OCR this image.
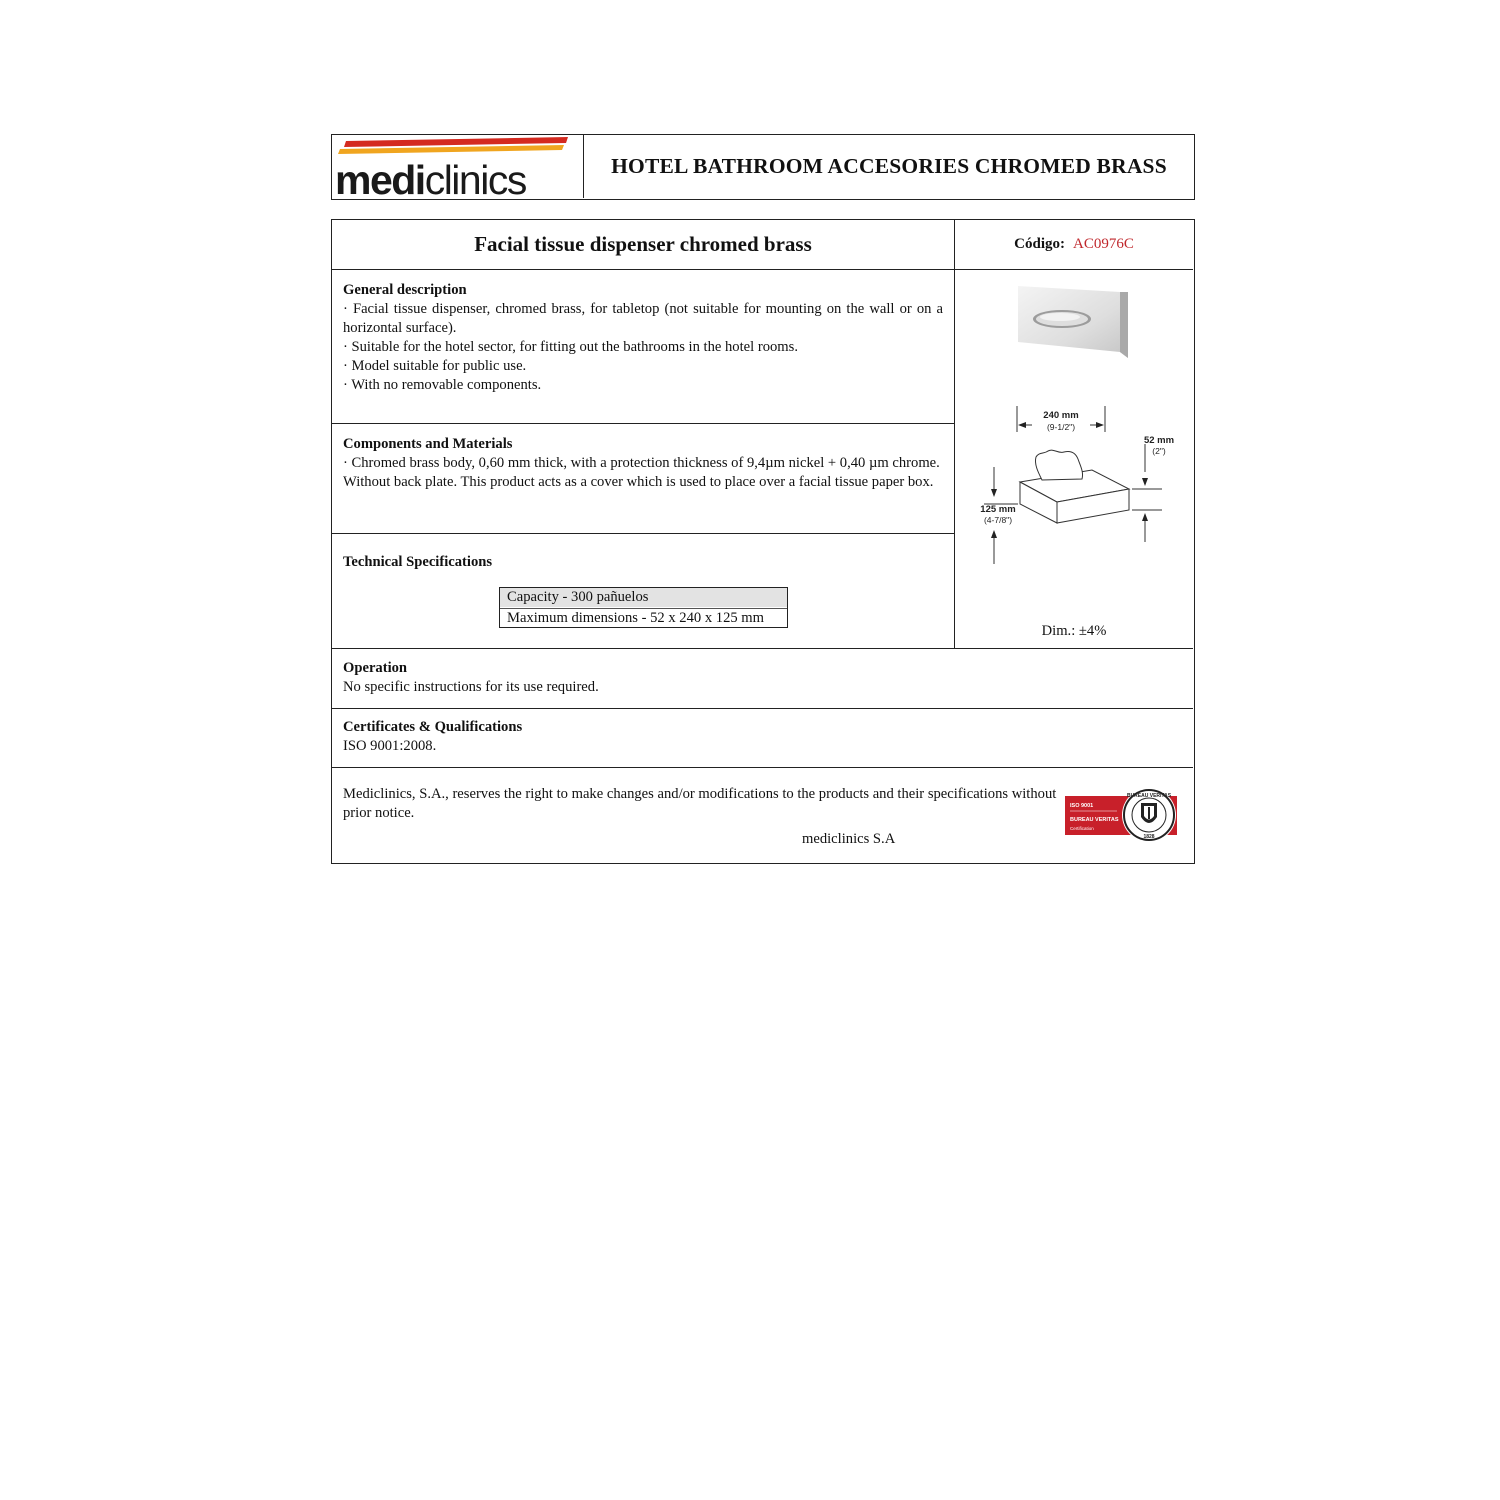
mediclinics	HOTEL BATHROOM ACCESORIES CHROMED BRASS
Facial tissue dispenser chromed brass	Código: AC0976C
General description

· Facial tissue dispenser, chromed brass, for tabletop (not suitable for mounting on the wall or on a horizontal surface).

· Suitable for the hotel sector, for fitting out the bathrooms in the hotel rooms.

· Model suitable for public use.

· With no removable components.

Components and Materials

· Chromed brass body, 0,60 mm thick, with a protection thickness of 9,4µm nickel + 0,40 µm chrome. Without back plate. This product acts as a cover which is used to place over a facial tissue paper box.

Technical Specifications
Capacity - 300 pañuelos
Maximum dimensions - 52 x 240 x 125 mm
240 mm
(9-1/2")
52 mm
(2")
125 mm
(4-7/8")
Dim.: ±4%
Operation

No specific instructions for its use required.

Certificates & Qualifications

ISO 9001:2008.

Mediclinics, S.A., reserves the right to make changes and/or modifications to the products and their specifications without prior notice.
mediclinics S.A
ISO 9001
BUREAU VERITAS
Certification
BUREAU VERITAS
1828
